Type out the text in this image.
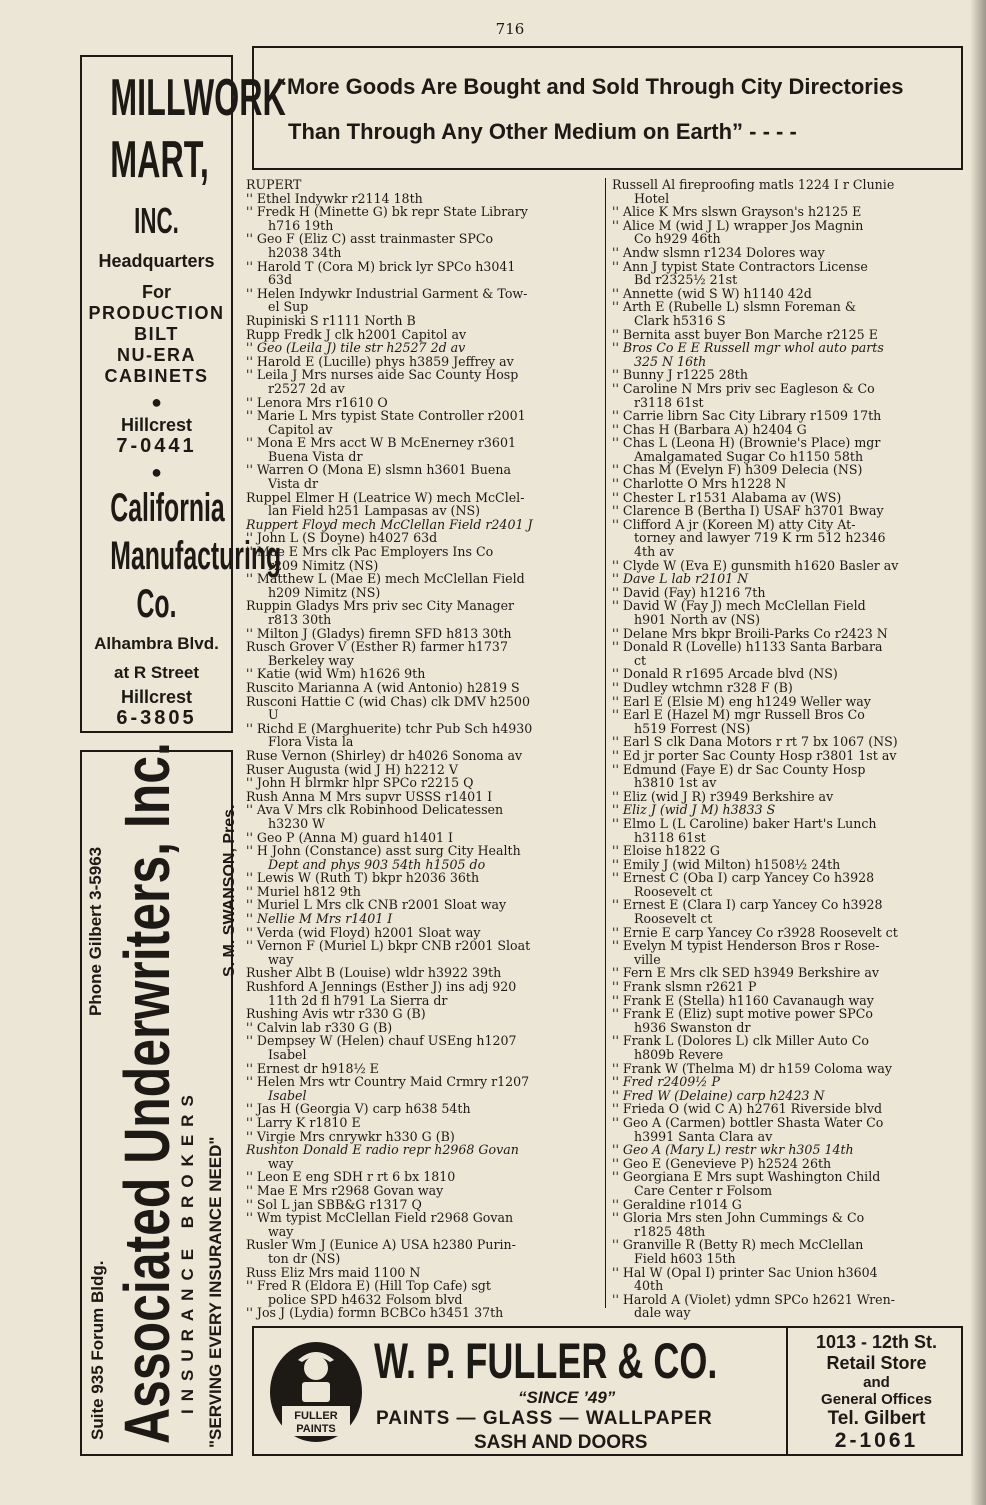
716
MILLWORK
MART,
INC.
Headquarters
For
PRODUCTION
BILT
NU-ERA
CABINETS
●
Hillcrest
7-0441
●
California
Manufacturing
Co.
Alhambra Blvd.
at R Street
Hillcrest
6-3805
Suite 935 Forum Bldg. Associated Underwriters, Inc.
INSURANCE BROKERS "SERVING EVERY INSURANCE NEED"
Phone Gilbert 3-5963	S. M. SWANSON, Pres.
“More Goods Are Bought and Sold Through City Directories
Than Through Any Other Medium on Earth” - - - -
RUPERT
'' Ethel Indywkr r2114 18th
'' Fredk H (Minette G) bk repr State Library
h716 19th
'' Geo F (Eliz C) asst trainmaster SPCo
h2038 34th
'' Harold T (Cora M) brick lyr SPCo h3041
63d
'' Helen Indywkr Industrial Garment & Tow-
el Sup
Rupiniski S r1111 North B
Rupp Fredk J clk h2001 Capitol av
'' Geo (Leila J) tile str h2527 2d av
'' Harold E (Lucille) phys h3859 Jeffrey av
'' Leila J Mrs nurses aide Sac County Hosp
r2527 2d av
'' Lenora Mrs r1610 O
'' Marie L Mrs typist State Controller r2001
Capitol av
'' Mona E Mrs acct W B McEnerney r3601
Buena Vista dr
'' Warren O (Mona E) slsmn h3601 Buena
Vista dr
Ruppel Elmer H (Leatrice W) mech McClel-
lan Field h251 Lampasas av (NS)
Ruppert Floyd mech McClellan Field r2401 J
'' John L (S Doyne) h4027 63d
'' Mae E Mrs clk Pac Employers Ins Co
r209 Nimitz (NS)
'' Matthew L (Mae E) mech McClellan Field
h209 Nimitz (NS)
Ruppin Gladys Mrs priv sec City Manager
r813 30th
'' Milton J (Gladys) firemn SFD h813 30th
Rusch Grover V (Esther R) farmer h1737
Berkeley way
'' Katie (wid Wm) h1626 9th
Ruscito Marianna A (wid Antonio) h2819 S
Rusconi Hattie C (wid Chas) clk DMV h2500
U
'' Richd E (Marghuerite) tchr Pub Sch h4930
Flora Vista la
Ruse Vernon (Shirley) dr h4026 Sonoma av
Ruser Augusta (wid J H) h2212 V
'' John H blrmkr hlpr SPCo r2215 Q
Rush Anna M Mrs supvr USSS r1401 I
'' Ava V Mrs clk Robinhood Delicatessen
h3230 W
'' Geo P (Anna M) guard h1401 I
'' H John (Constance) asst surg City Health
Dept and phys 903 54th h1505 do
'' Lewis W (Ruth T) bkpr h2036 36th
'' Muriel h812 9th
'' Muriel L Mrs clk CNB r2001 Sloat way
'' Nellie M Mrs r1401 I
'' Verda (wid Floyd) h2001 Sloat way
'' Vernon F (Muriel L) bkpr CNB r2001 Sloat
way
Rusher Albt B (Louise) wldr h3922 39th
Rushford A Jennings (Esther J) ins adj 920
11th 2d fl h791 La Sierra dr
Rushing Avis wtr r330 G (B)
'' Calvin lab r330 G (B)
'' Dempsey W (Helen) chauf USEng h1207
Isabel
'' Ernest dr h918½ E
'' Helen Mrs wtr Country Maid Crmry r1207
Isabel
'' Jas H (Georgia V) carp h638 54th
'' Larry K r1810 E
'' Virgie Mrs cnrywkr h330 G (B)
Rushton Donald E radio repr h2968 Govan
way
'' Leon E eng SDH r rt 6 bx 1810
'' Mae E Mrs r2968 Govan way
'' Sol L jan SBB&G r1317 Q
'' Wm typist McClellan Field r2968 Govan
way
Rusler Wm J (Eunice A) USA h2380 Purin-
ton dr (NS)
Russ Eliz Mrs maid 1100 N
'' Fred R (Eldora E) (Hill Top Cafe) sgt
police SPD h4632 Folsom blvd
'' Jos J (Lydia) formn BCBCo h3451 37th
Russell Al fireproofing matls 1224 I r Clunie
Hotel
'' Alice K Mrs slswn Grayson's h2125 E
'' Alice M (wid J L) wrapper Jos Magnin
Co h929 46th
'' Andw slsmn r1234 Dolores way
'' Ann J typist State Contractors License
Bd r2325½ 21st
'' Annette (wid S W) h1140 42d
'' Arth E (Rubelle L) slsmn Foreman &
Clark h5316 S
'' Bernita asst buyer Bon Marche r2125 E
'' Bros Co E E Russell mgr whol auto parts
325 N 16th
'' Bunny J r1225 28th
'' Caroline N Mrs priv sec Eagleson & Co
r3118 61st
'' Carrie librn Sac City Library r1509 17th
'' Chas H (Barbara A) h2404 G
'' Chas L (Leona H) (Brownie's Place) mgr
Amalgamated Sugar Co h1150 58th
'' Chas M (Evelyn F) h309 Delecia (NS)
'' Charlotte O Mrs h1228 N
'' Chester L r1531 Alabama av (WS)
'' Clarence B (Bertha I) USAF h3701 Bway
'' Clifford A jr (Koreen M) atty City At-
torney and lawyer 719 K rm 512 h2346
4th av
'' Clyde W (Eva E) gunsmith h1620 Basler av
'' Dave L lab r2101 N
'' David (Fay) h1216 7th
'' David W (Fay J) mech McClellan Field
h901 North av (NS)
'' Delane Mrs bkpr Broili-Parks Co r2423 N
'' Donald R (Lovelle) h1133 Santa Barbara
ct
'' Donald R r1695 Arcade blvd (NS)
'' Dudley wtchmn r328 F (B)
'' Earl E (Elsie M) eng h1249 Weller way
'' Earl E (Hazel M) mgr Russell Bros Co
h519 Forrest (NS)
'' Earl S clk Dana Motors r rt 7 bx 1067 (NS)
'' Ed jr porter Sac County Hosp r3801 1st av
'' Edmund (Faye E) dr Sac County Hosp
h3810 1st av
'' Eliz (wid J R) r3949 Berkshire av
'' Eliz J (wid J M) h3833 S
'' Elmo L (L Caroline) baker Hart's Lunch
h3118 61st
'' Eloise h1822 G
'' Emily J (wid Milton) h1508½ 24th
'' Ernest C (Oba I) carp Yancey Co h3928
Roosevelt ct
'' Ernest E (Clara I) carp Yancey Co h3928
Roosevelt ct
'' Ernie E carp Yancey Co r3928 Roosevelt ct
'' Evelyn M typist Henderson Bros r Rose-
ville
'' Fern E Mrs clk SED h3949 Berkshire av
'' Frank slsmn r2621 P
'' Frank E (Stella) h1160 Cavanaugh way
'' Frank E (Eliz) supt motive power SPCo
h936 Swanston dr
'' Frank L (Dolores L) clk Miller Auto Co
h809b Revere
'' Frank W (Thelma M) dr h159 Coloma way
'' Fred r2409½ P
'' Fred W (Delaine) carp h2423 N
'' Frieda O (wid C A) h2761 Riverside blvd
'' Geo A (Carmen) bottler Shasta Water Co
h3991 Santa Clara av
'' Geo A (Mary L) restr wkr h305 14th
'' Geo E (Genevieve P) h2524 26th
'' Georgiana E Mrs supt Washington Child
Care Center r Folsom
'' Geraldine r1014 G
'' Gloria Mrs sten John Cummings & Co
r1825 48th
'' Granville R (Betty R) mech McClellan
Field h603 15th
'' Hal W (Opal I) printer Sac Union h3604
40th
'' Harold A (Violet) ydmn SPCo h2621 Wren-
dale way
FULLER
PAINTS
W. P. FULLER & CO.
“SINCE ’49”
PAINTS — GLASS — WALLPAPER
SASH AND DOORS
1013 - 12th St.
Retail Store
and
General Offices
Tel. Gilbert
2-1061
